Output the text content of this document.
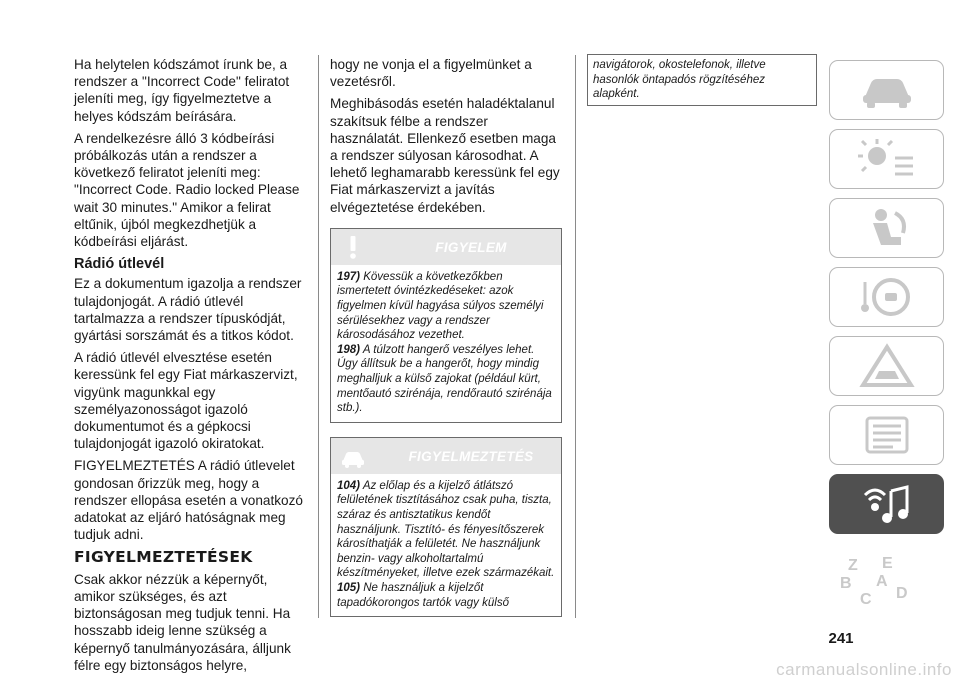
Ha helytelen kódszámot írunk be, a rendszer a "Incorrect Code" feliratot jeleníti meg, így figyelmeztetve a helyes kódszám beírására.

A rendelkezésre álló 3 kódbeírási próbálkozás után a rendszer a következő feliratot jeleníti meg: "Incorrect Code. Radio locked Please wait 30 minutes." Amikor a felirat eltűnik, újból megkezdhetjük a kódbeírási eljárást.

Rádió útlevél

Ez a dokumentum igazolja a rendszer tulajdonjogát. A rádió útlevél tartalmazza a rendszer típuskódját, gyártási sorszámát és a titkos kódot.

A rádió útlevél elvesztése esetén keressünk fel egy Fiat márkaszervizt, vigyünk magunkkal egy személyazonosságot igazoló dokumentumot és a gépkocsi tulajdonjogát igazoló okiratokat.

FIGYELMEZTETÉS A rádió útlevelet gondosan őrizzük meg, hogy a rendszer ellopása esetén a vonatkozó adatokat az eljáró hatóságnak meg tudjuk adni.

FIGYELMEZTETÉSEK

Csak akkor nézzük a képernyőt, amikor szükséges, és azt biztonságosan meg tudjuk tenni. Ha hosszabb ideig lenne szükség a képernyő tanulmányozására, álljunk félre egy biztonságos helyre,

hogy ne vonja el a figyelmünket a vezetésről.

Meghibásodás esetén haladéktalanul szakítsuk félbe a rendszer használatát. Ellenkező esetben maga a rendszer súlyosan károsodhat. A lehető leghamarabb keressünk fel egy Fiat márkaszervizt a javítás elvégeztetése érdekében.

FIGYELEM

197) Kövessük a következőkben ismertetett óvintézkedéseket: azok figyelmen kívül hagyása súlyos személyi sérülésekhez vagy a rendszer károsodásához vezethet.

198) A túlzott hangerő veszélyes lehet. Úgy állítsuk be a hangerőt, hogy mindig meghalljuk a külső zajokat (például kürt, mentőautó szirénája, rendőrautó szirénája stb.).

FIGYELMEZTETÉS

104) Az előlap és a kijelző átlátszó felületének tisztításához csak puha, tiszta, száraz és antisztatikus kendőt használjunk. Tisztító- és fényesítőszerek károsíthatják a felületét. Ne használjunk benzin- vagy alkoholtartalmú készítményeket, illetve ezek származékait.

105) Ne használjuk a kijelzőt tapadókorongos tartók vagy külső

navigátorok, okostelefonok, illetve hasonlók öntapadós rögzítéséhez alapként.
Z E
B A
C D
241
carmanualsonline.info
